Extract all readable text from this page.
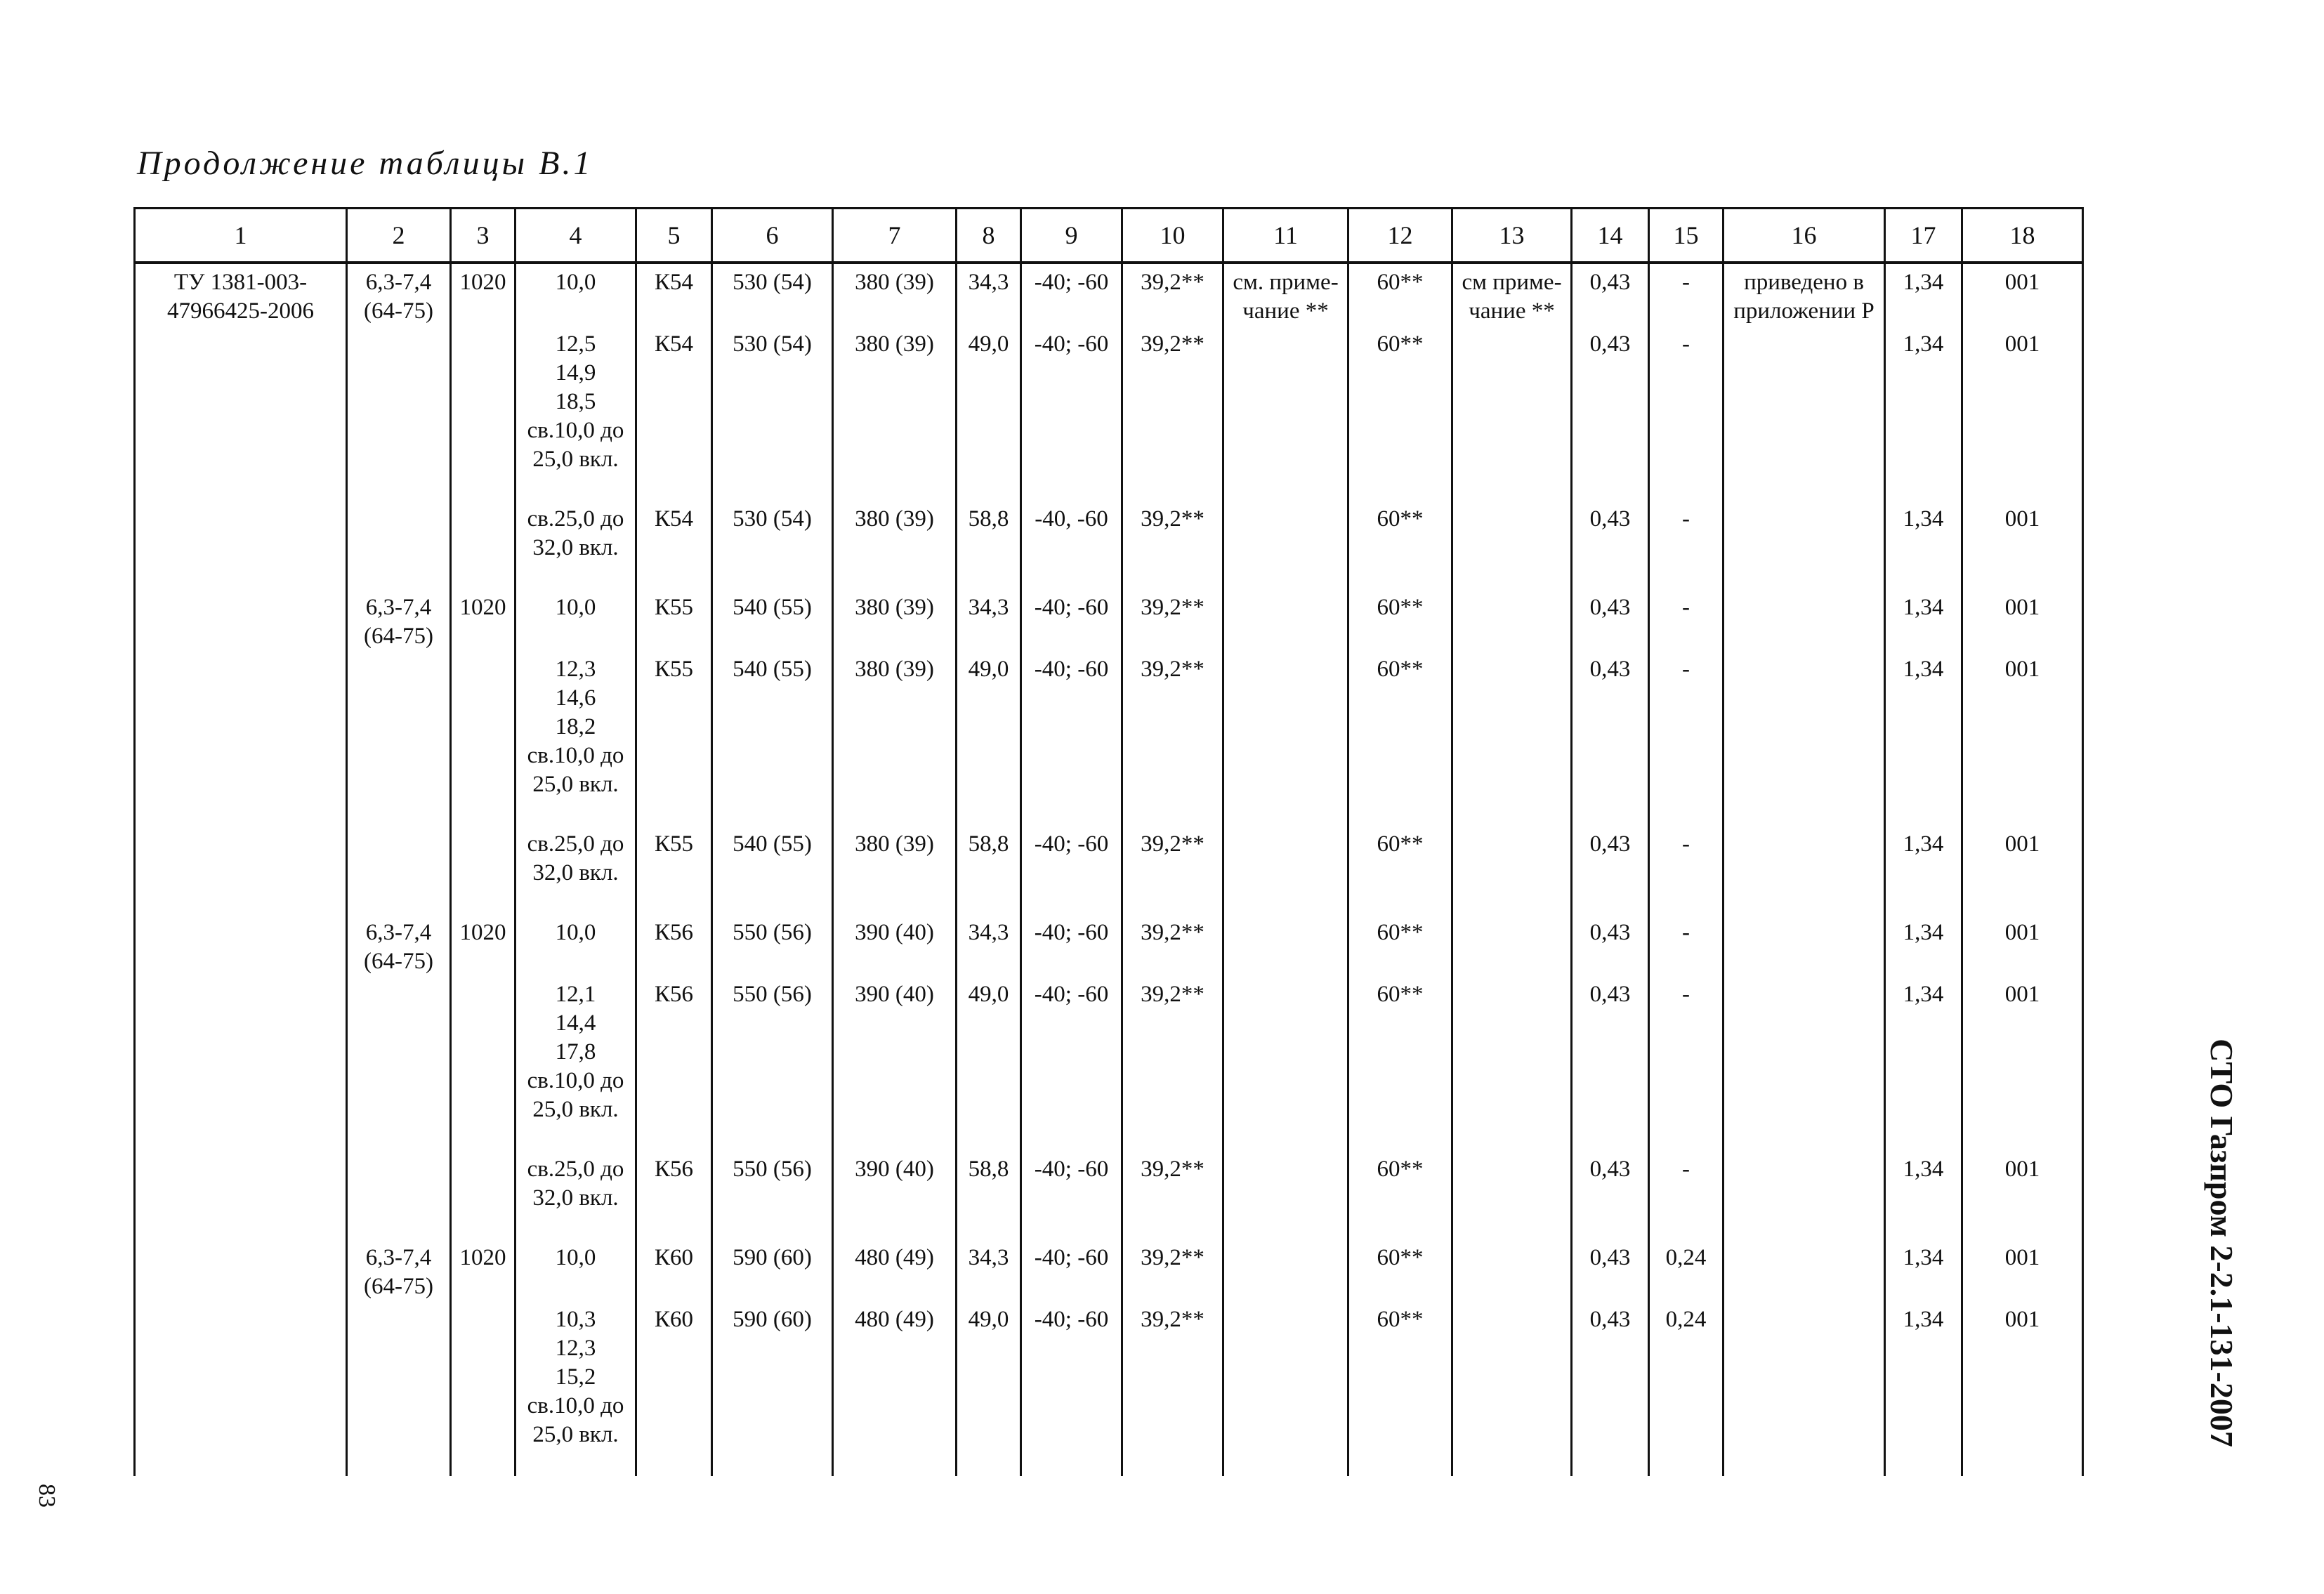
Продолжение таблицы В.1
1	2	3	4	5	6	7	8	9	10	11	12	13	14	15	16	17	18
ТУ 1381-003-47966425-2006	6,3-7,4 (64-75)	1020	10,0	К54	530 (54)	380 (39)	34,3	-40; -60	39,2**	см. приме-чание **	60**	см приме-чание **	0,43	-	приведено в приложении Р	1,34	001
			12,5
14,9
18,5
св.10,0 до
25,0 вкл.	К54	530 (54)	380 (39)	49,0	-40; -60	39,2**		60**		0,43	-		1,34	001

			св.25,0 до
32,0 вкл.	К54	530 (54)	380 (39)	58,8	-40, -60	39,2**		60**		0,43	-		1,34	001

	6,3-7,4 (64-75)	1020	10,0	К55	540 (55)	380 (39)	34,3	-40; -60	39,2**		60**		0,43	-		1,34	001
			12,3
14,6
18,2
св.10,0 до
25,0 вкл.	К55	540 (55)	380 (39)	49,0	-40; -60	39,2**		60**		0,43	-		1,34	001

			св.25,0 до
32,0 вкл.	К55	540 (55)	380 (39)	58,8	-40; -60	39,2**		60**		0,43	-		1,34	001

	6,3-7,4 (64-75)	1020	10,0	К56	550 (56)	390 (40)	34,3	-40; -60	39,2**		60**		0,43	-		1,34	001
			12,1
14,4
17,8
св.10,0 до
25,0 вкл.	К56	550 (56)	390 (40)	49,0	-40; -60	39,2**		60**		0,43	-		1,34	001

			св.25,0 до
32,0 вкл.	К56	550 (56)	390 (40)	58,8	-40; -60	39,2**		60**		0,43	-		1,34	001

	6,3-7,4 (64-75)	1020	10,0	К60	590 (60)	480 (49)	34,3	-40; -60	39,2**		60**		0,43	0,24		1,34	001
			10,3
12,3
15,2
св.10,0 до
25,0 вкл.	К60	590 (60)	480 (49)	49,0	-40; -60	39,2**		60**		0,43	0,24		1,34	001

83
СТО Газпром 2-2.1-131-2007
